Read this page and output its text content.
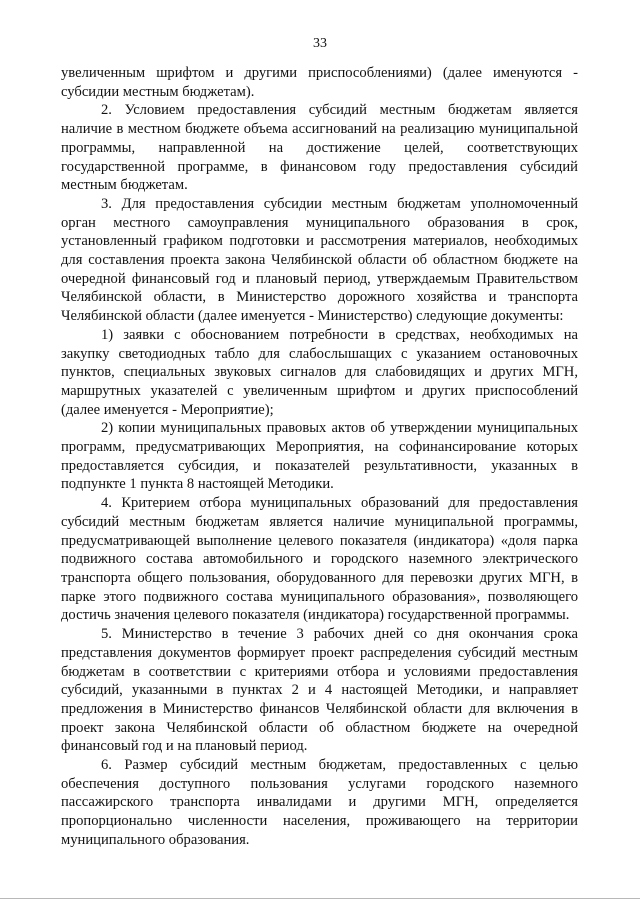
33

увеличенным шрифтом и другими приспособлениями) (далее именуются - субсидии местным бюджетам).

2. Условием предоставления субсидий местным бюджетам является наличие в местном бюджете объема ассигнований на реализацию муниципальной программы, направленной на достижение целей, соответствующих государственной программе, в финансовом году предоставления субсидий местным бюджетам.

3. Для предоставления субсидии местным бюджетам уполномоченный орган местного самоуправления муниципального образования в срок, установленный графиком подготовки и рассмотрения материалов, необходимых для составления проекта закона Челябинской области об областном бюджете на очередной финансовый год и плановый период, утверждаемым Правительством Челябинской области, в Министерство дорожного хозяйства и транспорта Челябинской области (далее именуется - Министерство) следующие документы:

1) заявки с обоснованием потребности в средствах, необходимых на закупку светодиодных табло для слабослышащих с указанием остановочных пунктов, специальных звуковых сигналов для слабовидящих и других МГН, маршрутных указателей с увеличенным шрифтом и других приспособлений (далее именуется - Мероприятие);

2) копии муниципальных правовых актов об утверждении муниципальных программ, предусматривающих Мероприятия, на софинансирование которых предоставляется субсидия, и показателей результативности, указанных в подпункте 1 пункта 8 настоящей Методики.

4. Критерием отбора муниципальных образований для предоставления субсидий местным бюджетам является наличие муниципальной программы, предусматривающей выполнение целевого показателя (индикатора) «доля парка подвижного состава автомобильного и городского наземного электрического транспорта общего пользования, оборудованного для перевозки других МГН, в парке этого подвижного состава муниципального образования», позволяющего достичь значения целевого показателя (индикатора) государственной программы.

5. Министерство в течение 3 рабочих дней со дня окончания срока представления документов формирует проект распределения субсидий местным бюджетам в соответствии с критериями отбора и условиями предоставления субсидий, указанными в пунктах 2 и 4 настоящей Методики, и направляет предложения в Министерство финансов Челябинской области для включения в проект закона Челябинской области об областном бюджете на очередной финансовый год и на плановый период.

6. Размер субсидий местным бюджетам, предоставленных с целью обеспечения доступного пользования услугами городского наземного пассажирского транспорта инвалидами и другими МГН, определяется пропорционально численности населения, проживающего на территории муниципального образования.
